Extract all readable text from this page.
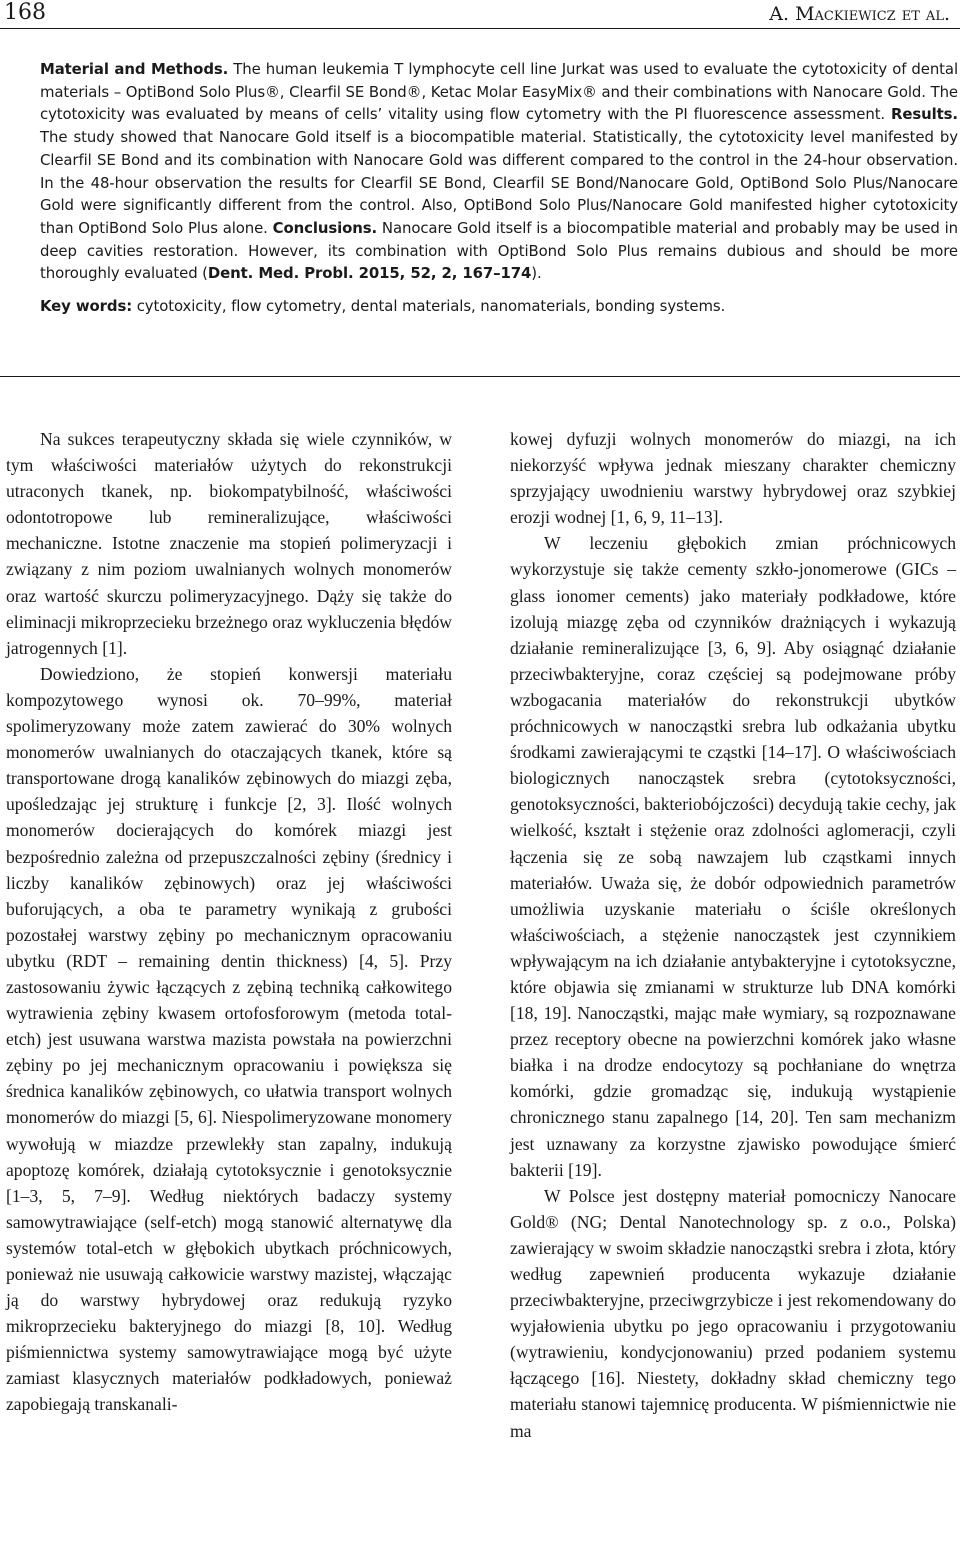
168	A. Mackiewicz et al.

Material and Methods. The human leukemia T lymphocyte cell line Jurkat was used to evaluate the cytotoxicity of dental materials – OptiBond Solo Plus®, Clearfil SE Bond®, Ketac Molar EasyMix® and their combinations with Nanocare Gold. The cytotoxicity was evaluated by means of cells’ vitality using flow cytometry with the PI fluorescence assessment. Results. The study showed that Nanocare Gold itself is a biocompatible material. Statistically, the cytotoxicity level manifested by Clearfil SE Bond and its combination with Nanocare Gold was different compared to the control in the 24-hour observation. In the 48-hour observation the results for Clearfil SE Bond, Clearfil SE Bond/Nanocare Gold, OptiBond Solo Plus/Nanocare Gold were significantly different from the control. Also, OptiBond Solo Plus/Nanocare Gold manifested higher cytotoxicity than OptiBond Solo Plus alone. Conclusions. Nanocare Gold itself is a biocompatible material and probably may be used in deep cavities restoration. However, its combination with OptiBond Solo Plus remains dubious and should be more thoroughly evaluated (Dent. Med. Probl. 2015, 52, 2, 167–174).

Key words: cytotoxicity, flow cytometry, dental materials, nanomaterials, bonding systems.

Na sukces terapeutyczny składa się wiele czynników, w tym właściwości materiałów użytych do rekonstrukcji utraconych tkanek, np. biokompatybilność, właściwości odontotropowe lub remineralizujące, właściwości mechaniczne. Istotne znaczenie ma stopień polimeryzacji i związany z nim poziom uwalnianych wolnych monomerów oraz wartość skurczu polimeryzacyjnego. Dąży się także do eliminacji mikroprzecieku brzeżnego oraz wykluczenia błędów jatrogennych [1].

Dowiedziono, że stopień konwersji materiału kompozytowego wynosi ok. 70–99%, materiał spolimeryzowany może zatem zawierać do 30% wolnych monomerów uwalnianych do otaczających tkanek, które są transportowane drogą kanalików zębinowych do miazgi zęba, upośledzając jej strukturę i funkcje [2, 3]. Ilość wolnych monomerów docierających do komórek miazgi jest bezpośrednio zależna od przepuszczalności zębiny (średnicy i liczby kanalików zębinowych) oraz jej właściwości buforujących, a oba te parametry wynikają z grubości pozostałej warstwy zębiny po mechanicznym opracowaniu ubytku (RDT – remaining dentin thickness) [4, 5]. Przy zastosowaniu żywic łączących z zębiną techniką całkowitego wytrawienia zębiny kwasem ortofosforowym (metoda total-etch) jest usuwana warstwa mazista powstała na powierzchni zębiny po jej mechanicznym opracowaniu i powiększa się średnica kanalików zębinowych, co ułatwia transport wolnych monomerów do miazgi [5, 6]. Niespolimeryzowane monomery wywołują w miazdze przewlekły stan zapalny, indukują apoptozę komórek, działają cytotoksycznie i genotoksycznie [1–3, 5, 7–9]. Według niektórych badaczy systemy samowytrawiające (self-etch) mogą stanowić alternatywę dla systemów total-etch w głębokich ubytkach próchnicowych, ponieważ nie usuwają całkowicie warstwy mazistej, włączając ją do warstwy hybrydowej oraz redukują ryzyko mikroprzecieku bakteryjnego do miazgi [8, 10]. Według piśmiennictwa systemy samowytrawiające mogą być użyte zamiast klasycznych materiałów podkładowych, ponieważ zapobiegają transkanali-

kowej dyfuzji wolnych monomerów do miazgi, na ich niekorzyść wpływa jednak mieszany charakter chemiczny sprzyjający uwodnieniu warstwy hybrydowej oraz szybkiej erozji wodnej [1, 6, 9, 11–13].

W leczeniu głębokich zmian próchnicowych wykorzystuje się także cementy szkło-jonomerowe (GICs – glass ionomer cements) jako materiały podkładowe, które izolują miazgę zęba od czynników drażniących i wykazują działanie remineralizujące [3, 6, 9]. Aby osiągnąć działanie przeciwbakteryjne, coraz częściej są podejmowane próby wzbogacania materiałów do rekonstrukcji ubytków próchnicowych w nanocząstki srebra lub odkażania ubytku środkami zawierającymi te cząstki [14–17]. O właściwościach biologicznych nanocząstek srebra (cytotoksyczności, genotoksyczności, bakteriobójczości) decydują takie cechy, jak wielkość, kształt i stężenie oraz zdolności aglomeracji, czyli łączenia się ze sobą nawzajem lub cząstkami innych materiałów. Uważa się, że dobór odpowiednich parametrów umożliwia uzyskanie materiału o ściśle określonych właściwościach, a stężenie nanocząstek jest czynnikiem wpływającym na ich działanie antybakteryjne i cytotoksyczne, które objawia się zmianami w strukturze lub DNA komórki [18, 19]. Nanocząstki, mając małe wymiary, są rozpoznawane przez receptory obecne na powierzchni komórek jako własne białka i na drodze endocytozy są pochłaniane do wnętrza komórki, gdzie gromadząc się, indukują wystąpienie chronicznego stanu zapalnego [14, 20]. Ten sam mechanizm jest uznawany za korzystne zjawisko powodujące śmierć bakterii [19].

W Polsce jest dostępny materiał pomocniczy Nanocare Gold® (NG; Dental Nanotechnology sp. z o.o., Polska) zawierający w swoim składzie nanocząstki srebra i złota, który według zapewnień producenta wykazuje działanie przeciwbakteryjne, przeciwgrzybicze i jest rekomendowany do wyjałowienia ubytku po jego opracowaniu i przygotowaniu (wytrawieniu, kondycjonowaniu) przed podaniem systemu łączącego [16]. Niestety, dokładny skład chemiczny tego materiału stanowi tajemnicę producenta. W piśmiennictwie nie ma
